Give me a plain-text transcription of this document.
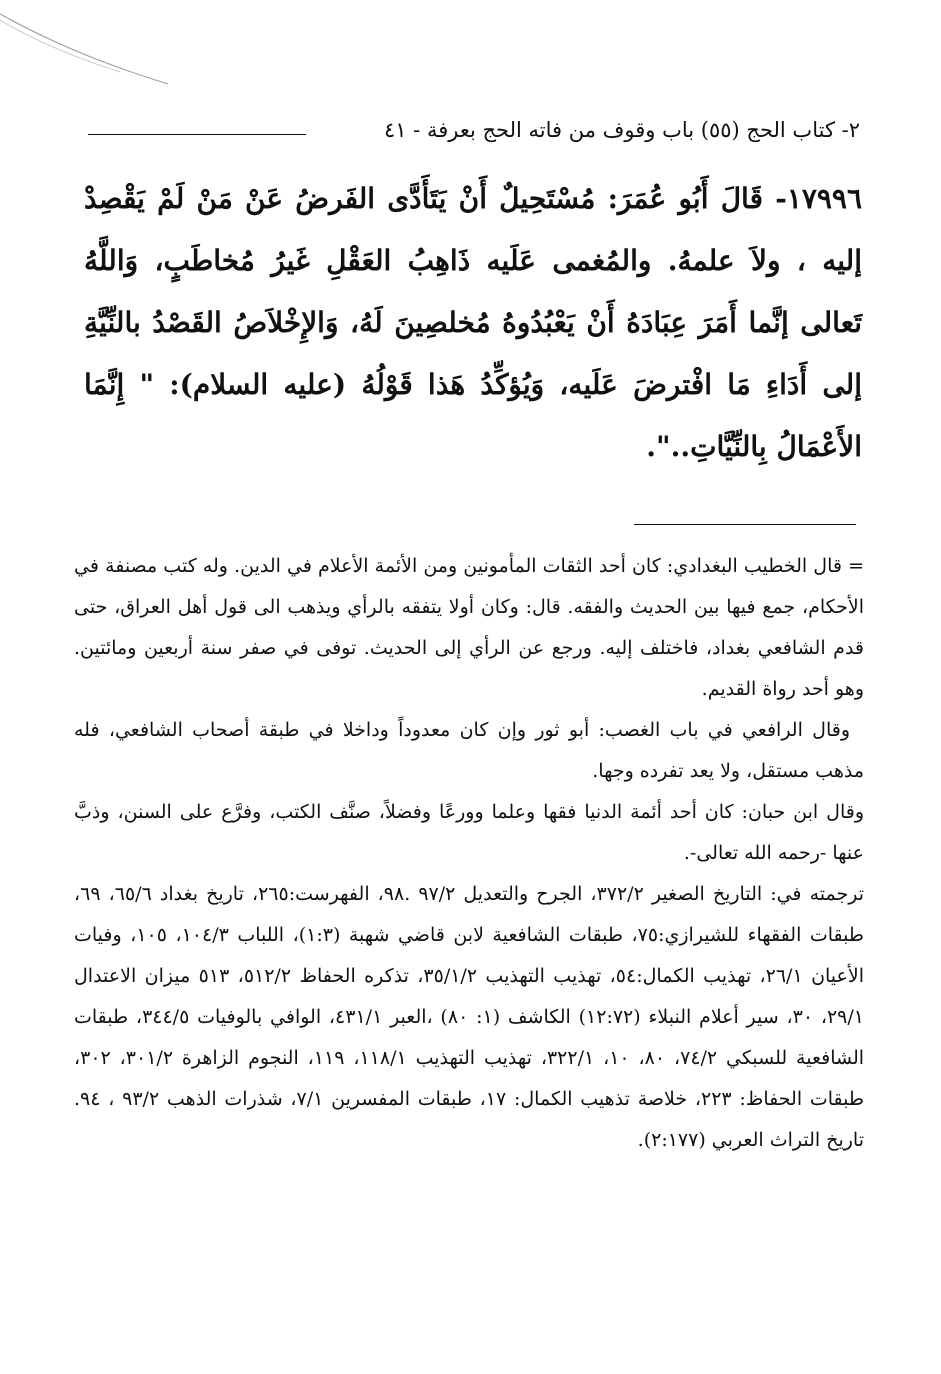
٢- كتاب الحج (٥٥) باب وقوف من فاته الحج بعرفة - ٤١
١٧٩٩٦- قَالَ أَبُو عُمَرَ: مُسْتَحِيلٌ أَنْ يَتَأَدَّى الفَرضُ عَنْ مَنْ لَمْ يَقْصِدْ إليه ، ولاَ علمهُ. والمُغمى عَلَيه ذَاهِبُ العَقْلِ غَيرُ مُخاطَبٍ، وَاللَّهُ تَعالى إنَّما أَمَرَ عِبَادَهُ أَنْ يَعْبُدُوهُ مُخلصِينَ لَهُ، وَالإِخْلاَصُ القَصْدُ بالنِّيَّةِ إلى أَدَاءِ مَا افْترضَ عَلَيه، وَيُؤكِّدُ هَذا قَوْلُهُ (عليه السلام): " إِنَّمَا الأَعْمَالُ بِالنِّيَّاتِ..".

= قال الخطيب البغدادي: كان أحد الثقات المأمونين ومن الأئمة الأعلام في الدين. وله كتب مصنفة في الأحكام، جمع فيها بين الحديث والفقه. قال: وكان أولا يتفقه بالرأي ويذهب الى قول أهل العراق، حتى قدم الشافعي بغداد، فاختلف إليه. ورجع عن الرأي إلى الحديث. توفى في صفر سنة أربعين ومائتين. وهو أحد رواة القديم.

وقال الرافعي في باب الغصب: أبو ثور وإن كان معدوداً وداخلا في طبقة أصحاب الشافعي، فله مذهب مستقل، ولا يعد تفرده وجها.

وقال ابن حبان: كان أحد أئمة الدنيا فقها وعلما وورعًا وفضلاً، صنَّف الكتب، وفرَّع على السنن، وذبَّ عنها -رحمه الله تعالى-.

ترجمته في: التاريخ الصغير ٣٧٢/٢، الجرح والتعديل ٩٧/٢ .٩٨، الفهرست:٢٦٥، تاريخ بغداد ٦٥/٦، ٦٩، طبقات الفقهاء للشيرازي:٧٥، طبقات الشافعية لابن قاضي شهبة (١:٣)، اللباب ١٠٤/٣، ١٠٥، وفيات الأعيان ٢٦/١، تهذيب الكمال:٥٤، تهذيب التهذيب ٣٥/١/٢، تذكره الحفاظ ٥١٢/٢، ٥١٣ ميزان الاعتدال ٢٩/١، ٣٠، سير أعلام النبلاء (١٢:٧٢) الكاشف (١: ٨٠) ،العبر ٤٣١/١، الوافي بالوفيات ٣٤٤/٥، طبقات الشافعية للسبكي ٧٤/٢، ٨٠، ١٠، ٣٢٢/١، تهذيب التهذيب ١١٨/١، ١١٩، النجوم الزاهرة ٣٠١/٢، ٣٠٢، طبقات الحفاظ: ٢٢٣، خلاصة تذهيب الكمال: ١٧، طبقات المفسرين ٧/١، شذرات الذهب ٩٣/٢ ، ٩٤. تاريخ التراث العربي (٢:١٧٧).
